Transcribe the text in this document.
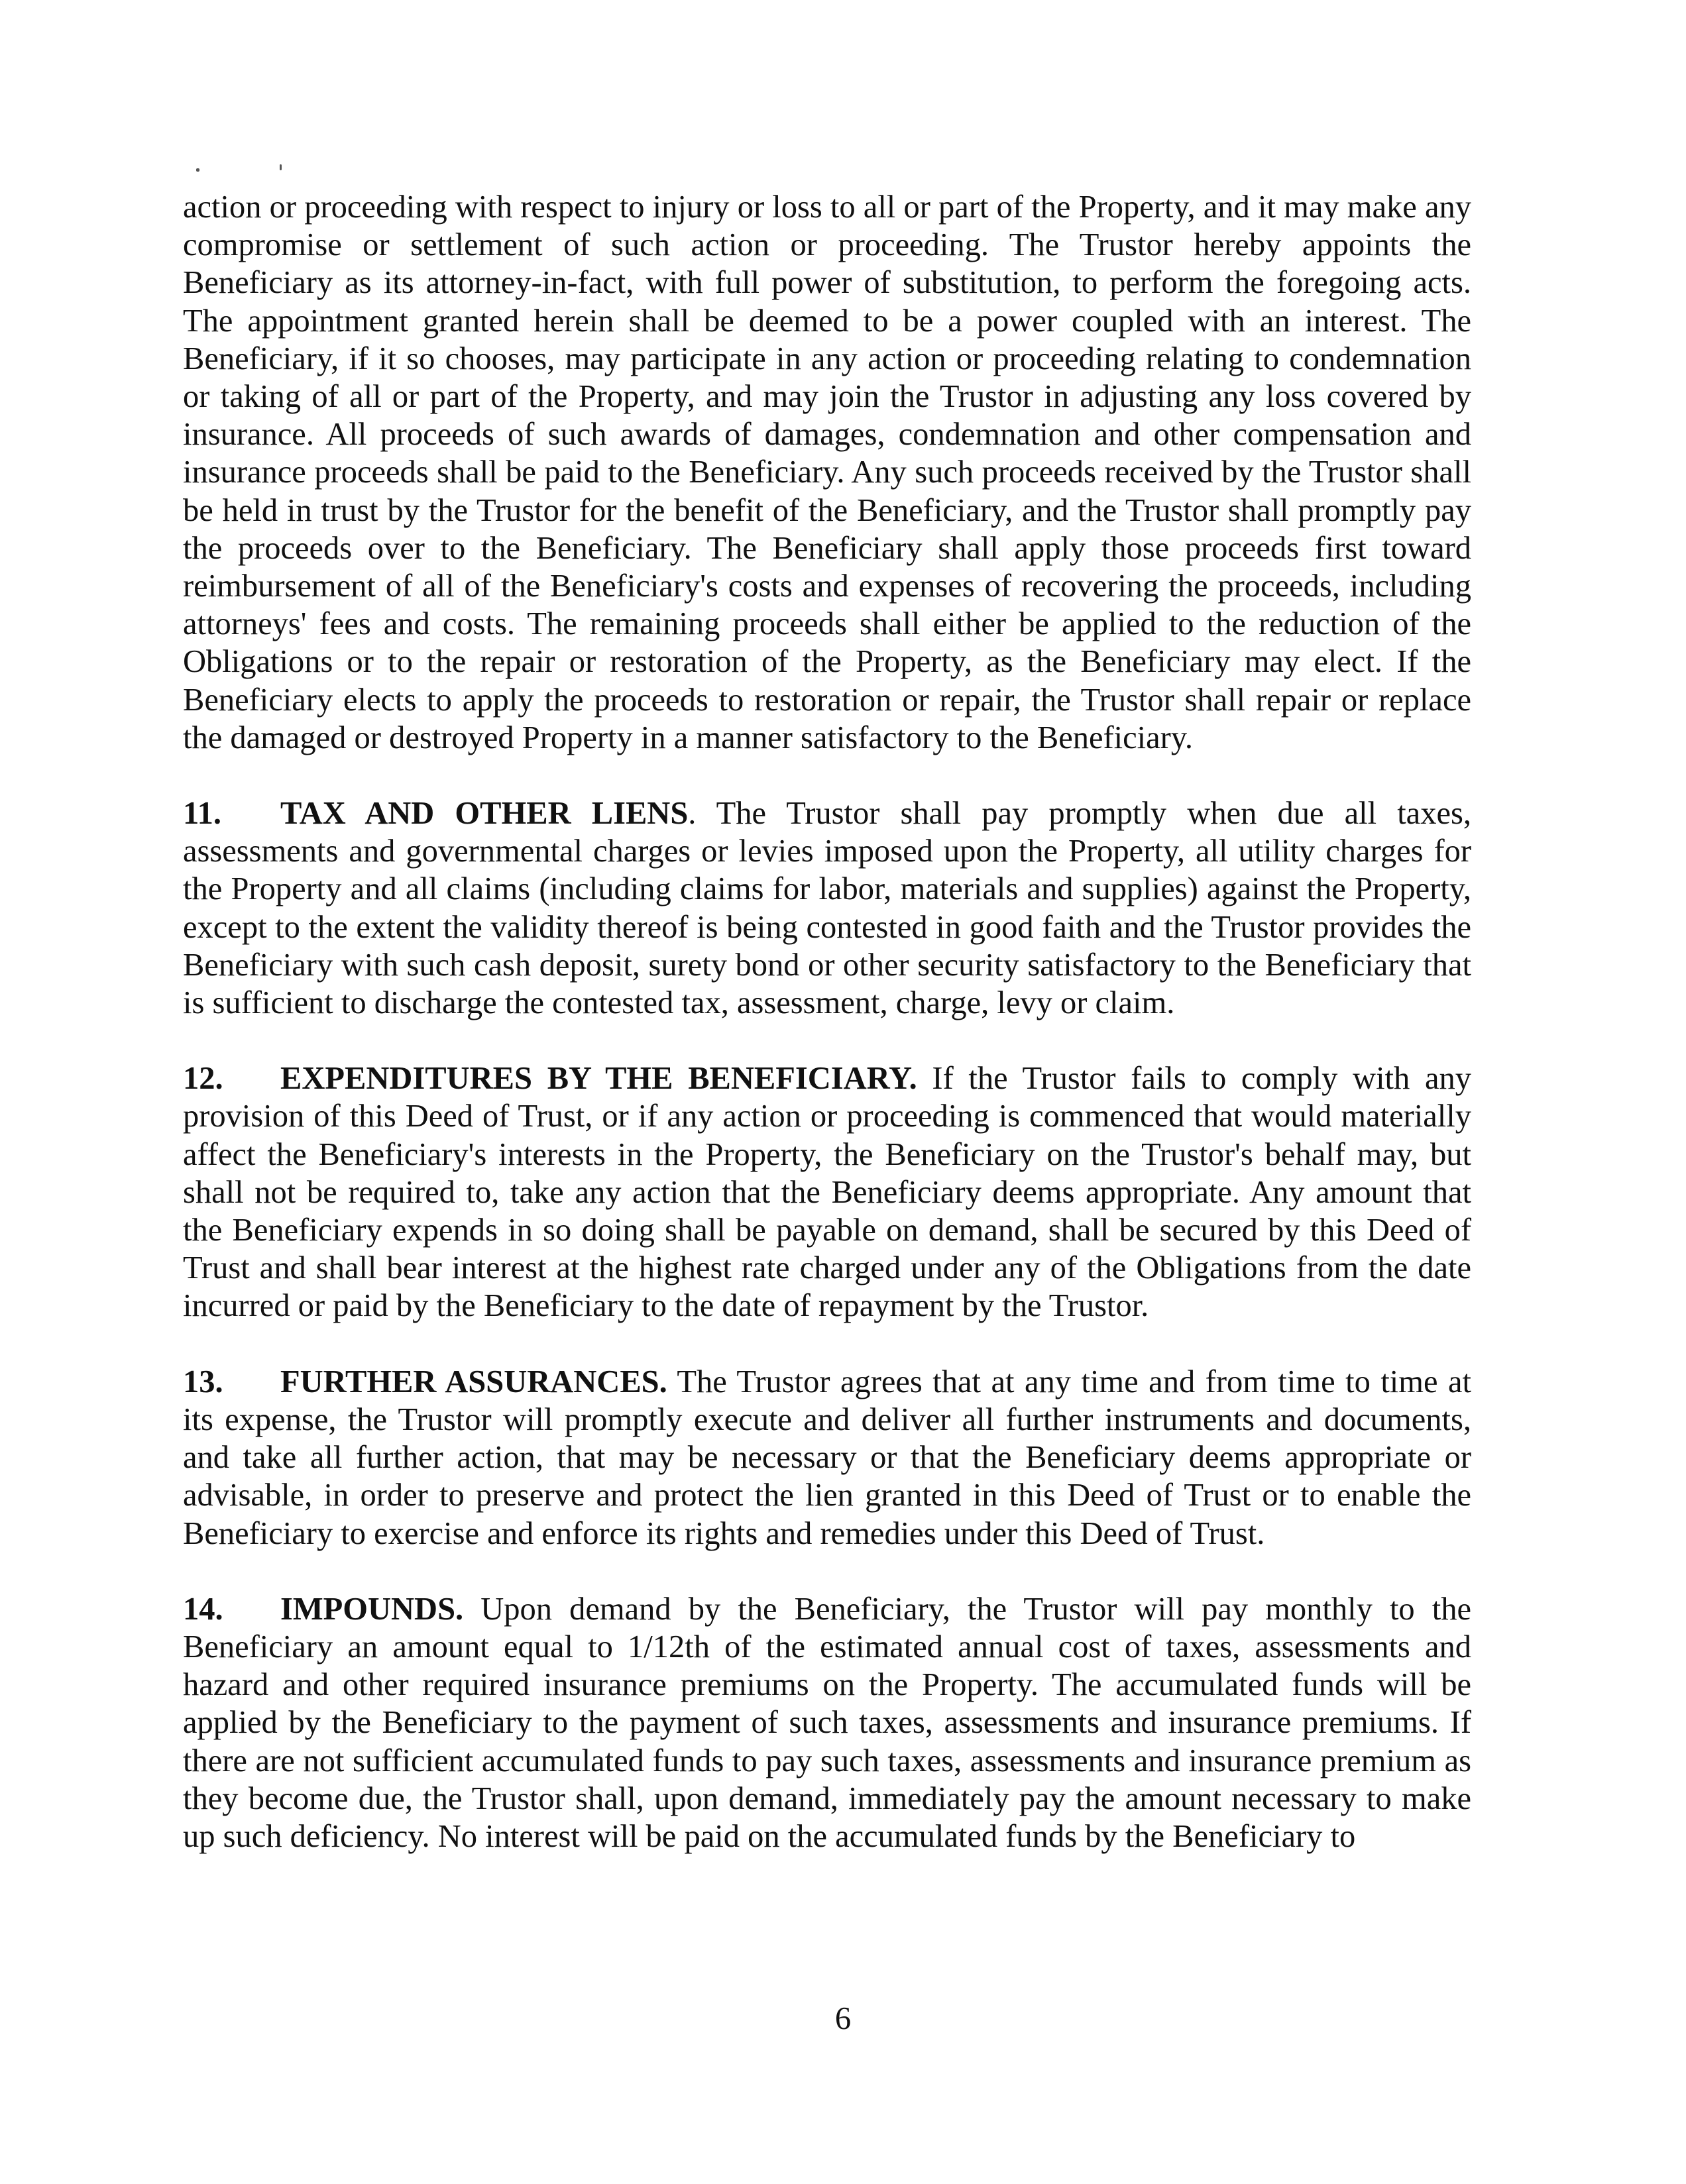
action or proceeding with respect to injury or loss to all or part of the Property, and it may make any compromise or settlement of such action or proceeding. The Trustor hereby appoints the Beneficiary as its attorney-in-fact, with full power of substitution, to perform the foregoing acts. The appointment granted herein shall be deemed to be a power coupled with an interest. The Beneficiary, if it so chooses, may participate in any action or proceeding relating to condemnation or taking of all or part of the Property, and may join the Trustor in adjusting any loss covered by insurance. All proceeds of such awards of damages, condemnation and other compensation and insurance proceeds shall be paid to the Beneficiary. Any such proceeds received by the Trustor shall be held in trust by the Trustor for the benefit of the Beneficiary, and the Trustor shall promptly pay the proceeds over to the Beneficiary. The Beneficiary shall apply those proceeds first toward reimbursement of all of the Beneficiary's costs and expenses of recovering the proceeds, including attorneys' fees and costs. The remaining proceeds shall either be applied to the reduction of the Obligations or to the repair or restoration of the Property, as the Beneficiary may elect. If the Beneficiary elects to apply the proceeds to restoration or repair, the Trustor shall repair or replace the damaged or destroyed Property in a manner satisfactory to the Beneficiary.

11. TAX AND OTHER LIENS. The Trustor shall pay promptly when due all taxes, assessments and governmental charges or levies imposed upon the Property, all utility charges for the Property and all claims (including claims for labor, materials and supplies) against the Property, except to the extent the validity thereof is being contested in good faith and the Trustor provides the Beneficiary with such cash deposit, surety bond or other security satisfactory to the Beneficiary that is sufficient to discharge the contested tax, assessment, charge, levy or claim.

12. EXPENDITURES BY THE BENEFICIARY. If the Trustor fails to comply with any provision of this Deed of Trust, or if any action or proceeding is commenced that would materially affect the Beneficiary's interests in the Property, the Beneficiary on the Trustor's behalf may, but shall not be required to, take any action that the Beneficiary deems appropriate. Any amount that the Beneficiary expends in so doing shall be payable on demand, shall be secured by this Deed of Trust and shall bear interest at the highest rate charged under any of the Obligations from the date incurred or paid by the Beneficiary to the date of repayment by the Trustor.

13. FURTHER ASSURANCES. The Trustor agrees that at any time and from time to time at its expense, the Trustor will promptly execute and deliver all further instruments and documents, and take all further action, that may be necessary or that the Beneficiary deems appropriate or advisable, in order to preserve and protect the lien granted in this Deed of Trust or to enable the Beneficiary to exercise and enforce its rights and remedies under this Deed of Trust.

14. IMPOUNDS. Upon demand by the Beneficiary, the Trustor will pay monthly to the Beneficiary an amount equal to 1/12th of the estimated annual cost of taxes, assessments and hazard and other required insurance premiums on the Property. The accumulated funds will be applied by the Beneficiary to the payment of such taxes, assessments and insurance premiums. If there are not sufficient accumulated funds to pay such taxes, assessments and insurance premium as they become due, the Trustor shall, upon demand, immediately pay the amount necessary to make up such deficiency. No interest will be paid on the accumulated funds by the Beneficiary to

6
